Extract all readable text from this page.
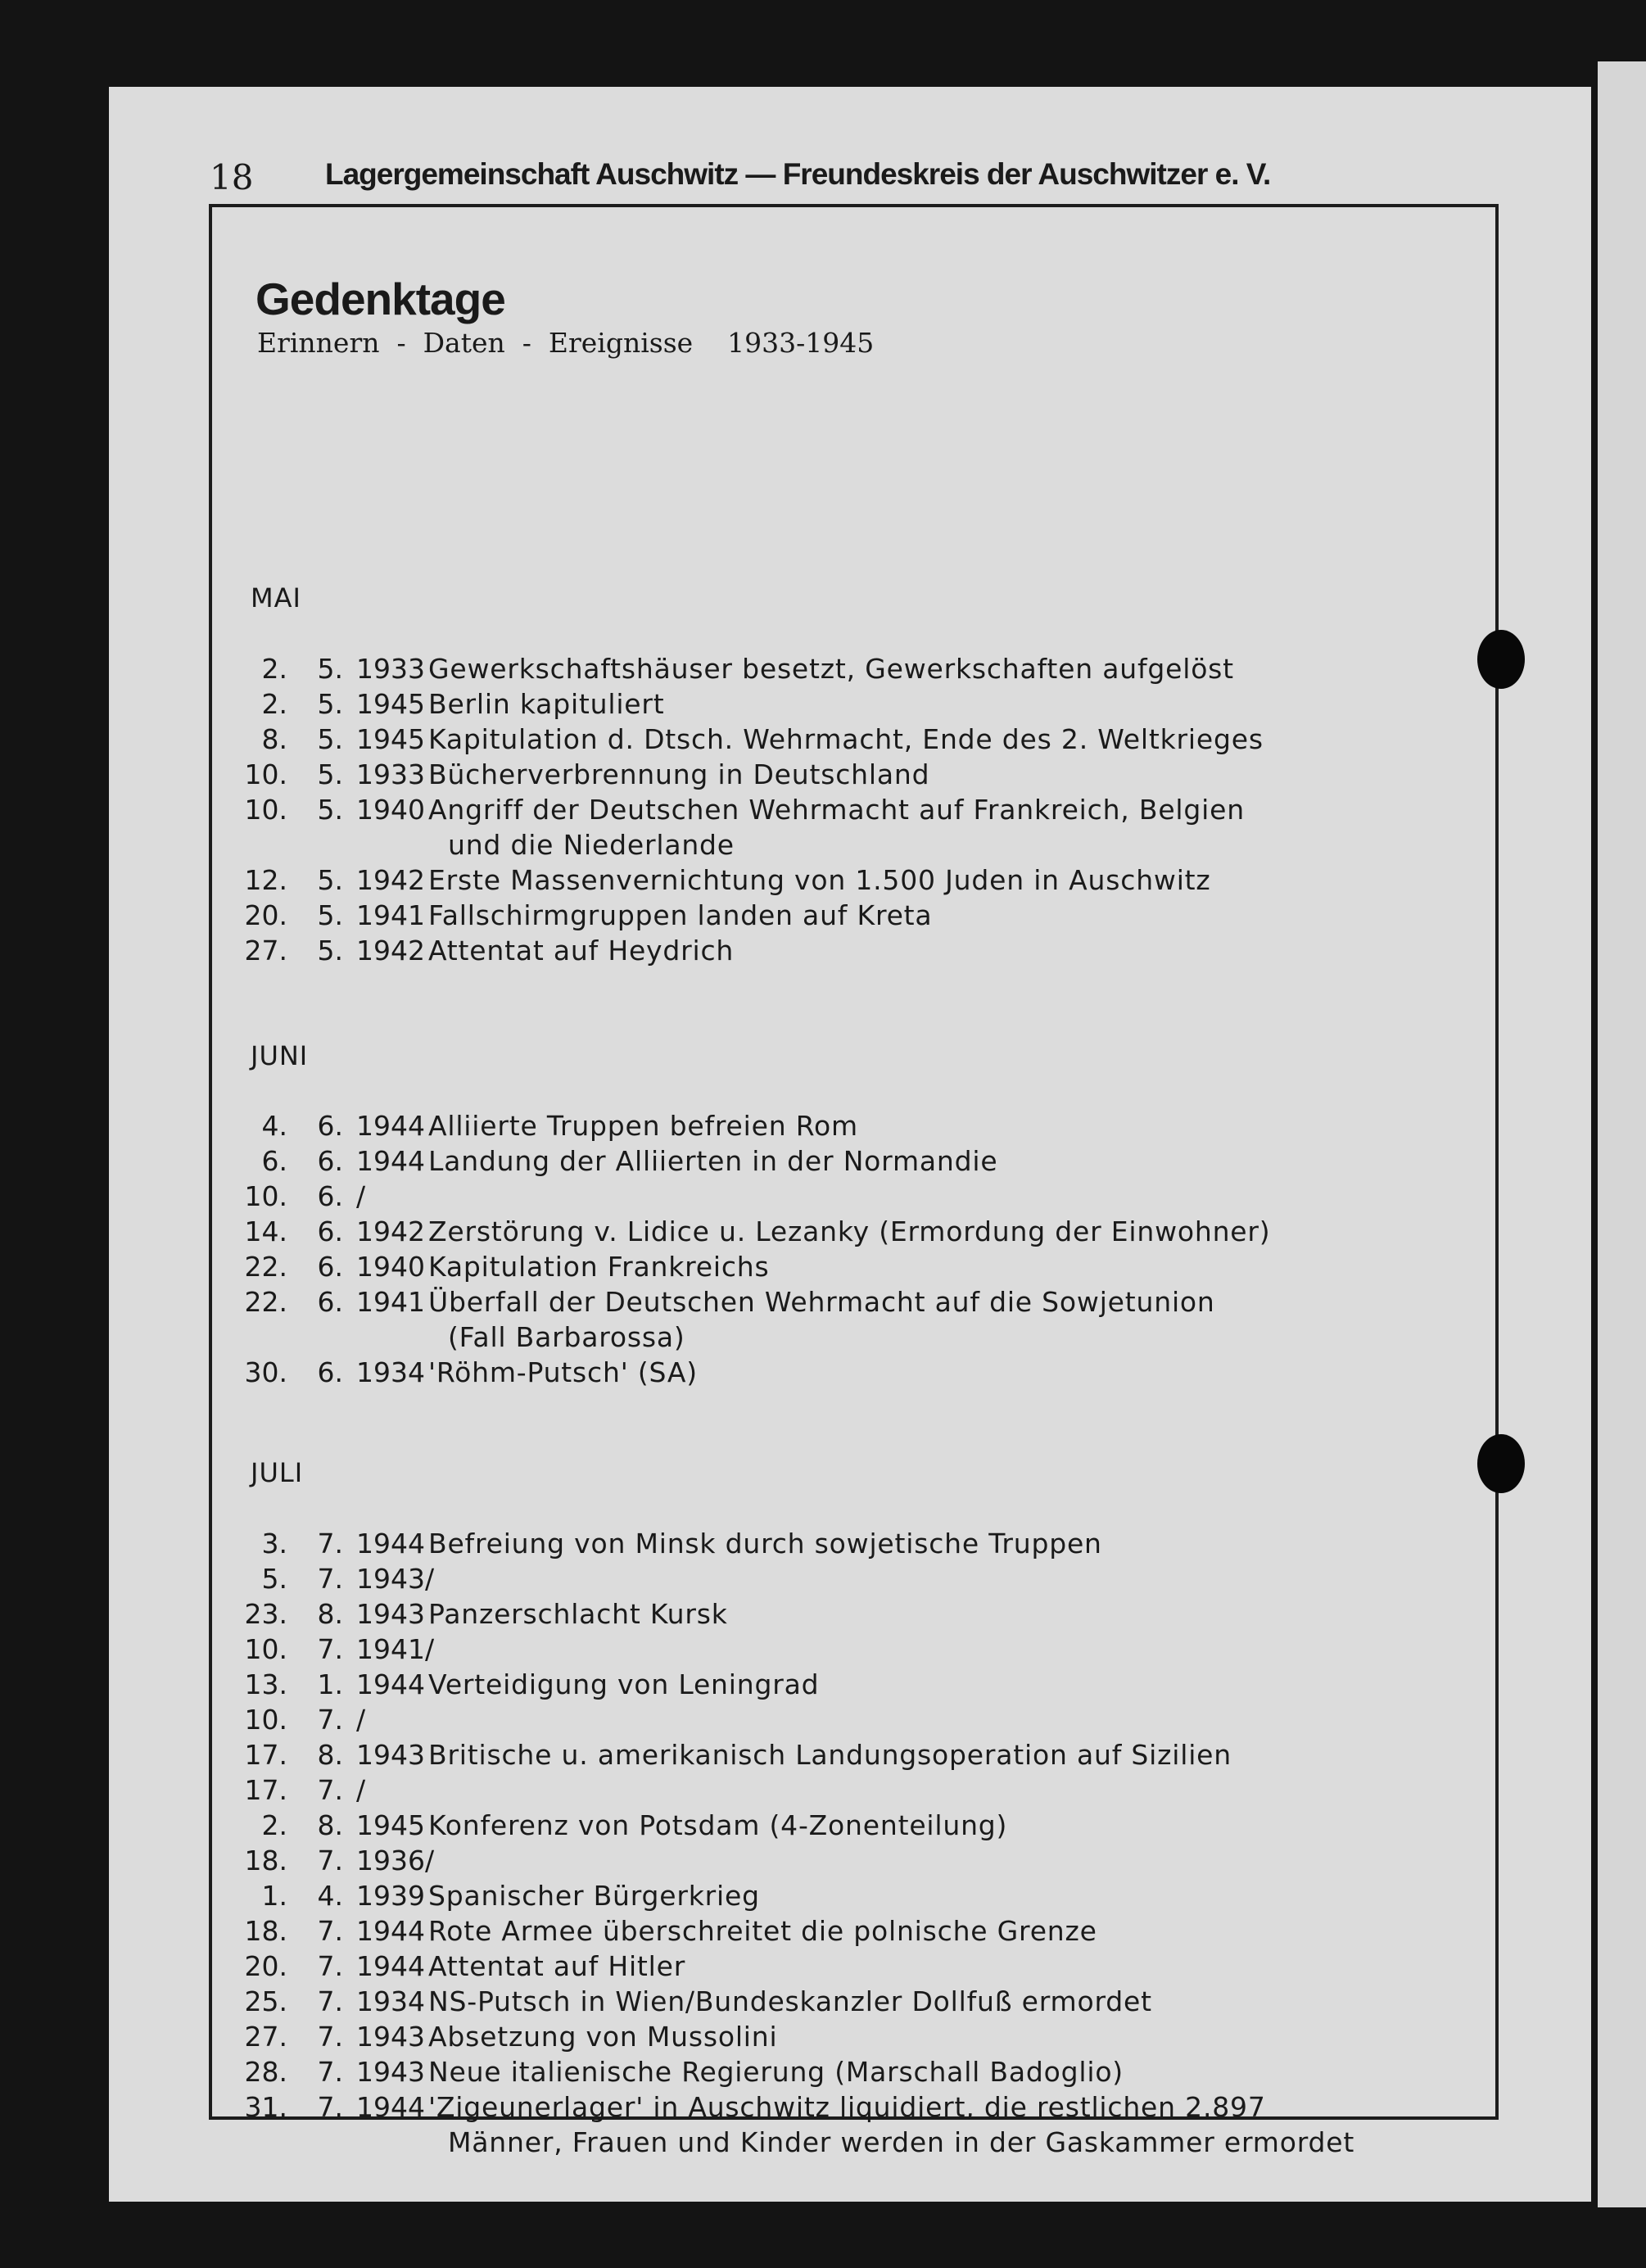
18 Lagergemeinschaft Auschwitz — Freundeskreis der Auschwitzer e. V.
Gedenktage
Erinnern  -  Daten  -  Ereignisse    1933-1945
MAI
2.	5. 1933 Gewerkschaftshäuser besetzt, Gewerkschaften aufgelöst
2.	5. 1945 Berlin kapituliert
8.	5. 1945 Kapitulation d. Dtsch. Wehrmacht, Ende des 2. Weltkrieges
10.	5. 1933 Bücherverbrennung in Deutschland
10.	5. 1940 Angriff der Deutschen Wehrmacht auf Frankreich, Belgien
und die Niederlande
12.	5. 1942 Erste Massenvernichtung von 1.500 Juden in Auschwitz
20.	5. 1941 Fallschirmgruppen landen auf Kreta
27.	5. 1942 Attentat auf Heydrich
JUNI
4.	6. 1944 Alliierte Truppen befreien Rom
6.	6. 1944 Landung der Alliierten in der Normandie
10.	6. /
14.	6. 1942 Zerstörung v. Lidice u. Lezanky (Ermordung der Einwohner)
22.	6. 1940 Kapitulation Frankreichs
22.	6. 1941 Überfall der Deutschen Wehrmacht auf die Sowjetunion
(Fall Barbarossa)
30.	6. 1934 'Röhm-Putsch' (SA)
JULI
3.	7. 1944 Befreiung von Minsk durch sowjetische Truppen
5.	7. 1943/
23.	8. 1943 Panzerschlacht Kursk
10.	7. 1941/
13.	1. 1944 Verteidigung von Leningrad
10.	7. /
17.	8. 1943 Britische u. amerikanisch Landungsoperation auf Sizilien
17.	7. /
2.	8. 1945 Konferenz von Potsdam (4-Zonenteilung)
18.	7. 1936/
1.	4. 1939 Spanischer Bürgerkrieg
18.	7. 1944 Rote Armee überschreitet die polnische Grenze
20.	7. 1944 Attentat auf Hitler
25.	7. 1934 NS-Putsch in Wien/Bundeskanzler Dollfuß ermordet
27.	7. 1943 Absetzung von Mussolini
28.	7. 1943 Neue italienische Regierung (Marschall Badoglio)
31.	7. 1944 'Zigeunerlager' in Auschwitz liquidiert, die restlichen 2.897
Männer, Frauen und Kinder werden in der Gaskammer ermordet
